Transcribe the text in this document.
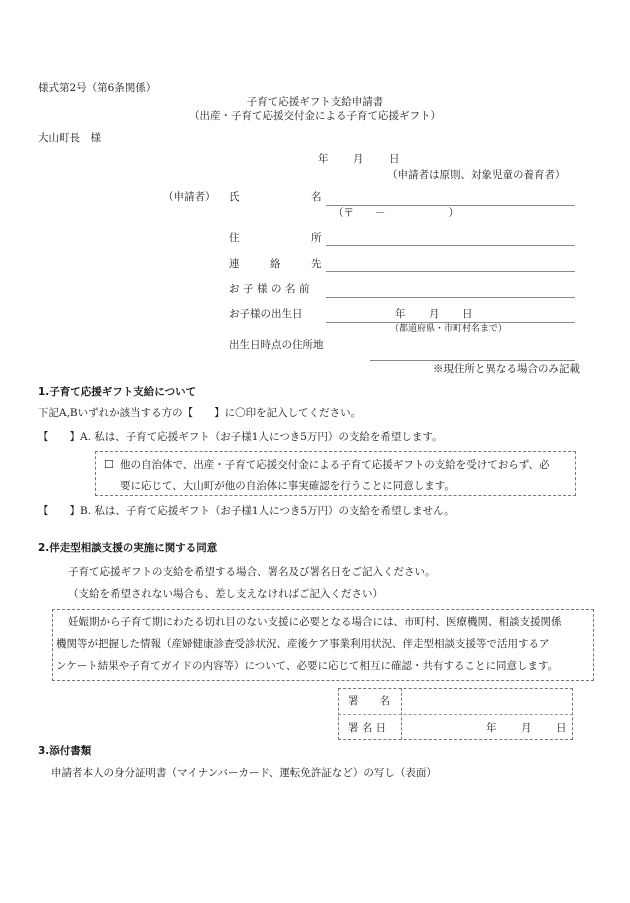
様式第2号（第6条関係）
子育て応援ギフト支給申請書
（出産・子育て応援交付金による子育て応援ギフト）
大山町長　様
年 月 日
（申請者は原則、対象児童の養育者）
（申請者） 氏	名
（〒　　－　　　　　　）
住	所
連	絡	先
お子様の名前
お子様の出生日	年 月 日
（都道府県・市町村名まで）
出生日時点の住所地
※現住所と異なる場合のみ記載
1.子育て応援ギフト支給について
下記A,Bいずれか該当する方の【　　】に〇印を記入してください。
【　　】A. 私は、子育て応援ギフト（お子様1人につき5万円）の支給を希望します。
☐ 他の自治体で、出産・子育て応援交付金による子育て応援ギフトの支給を受けておらず、必
要に応じて、大山町が他の自治体に事実確認を行うことに同意します。
【　　】B. 私は、子育て応援ギフト（お子様1人につき5万円）の支給を希望しません。
2.伴走型相談支援の実施に関する同意
子育て応援ギフトの支給を希望する場合、署名及び署名日をご記入ください。
（支給を希望されない場合も、差し支えなければご記入ください）
妊娠期から子育て期にわたる切れ目のない支援に必要となる場合には、市町村、医療機関、相談支援関係
機関等が把握した情報（産婦健康診査受診状況、産後ケア事業利用状況、伴走型相談支援等で活用するア
ンケート結果や子育てガイドの内容等）について、必要に応じて相互に確認・共有することに同意します。
署　　名
署 名 日	年 月 日
3.添付書類
申請者本人の身分証明書（マイナンバーカード、運転免許証など）の写し（表面）
